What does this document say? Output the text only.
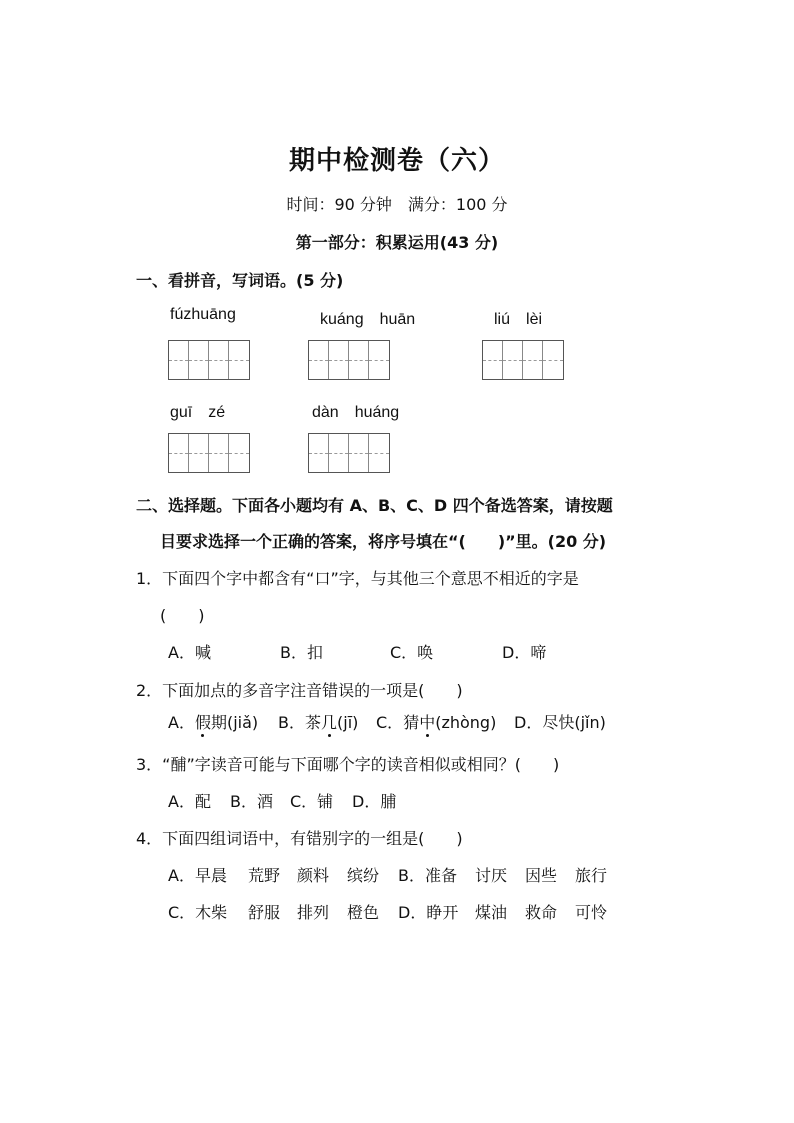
期中检测卷（六）
时间：90 分钟　满分：100 分
第一部分：积累运用(43 分)
一、看拼音，写词语。(5 分)
fúzhuāng	kuáng　huān	liú　lèi
guī　zé	dàn　huáng
二、选择题。下面各小题均有 A、B、C、D 四个备选答案，请按题
目要求选择一个正确的答案，将序号填在“(　　)”里。(20 分)
1．下面四个字中都含有“口”字，与其他三个意思不相近的字是
(　　)
A．喊	B．扣	C．唤	D．啼
2．下面加点的多音字注音错误的一项是(　　)
A．假期(jiǎ) B．茶几(jī) C．猜中(zhòng) D．尽快(jǐn)
3．“酺”字读音可能与下面哪个字的读音相似或相同？(　　)
A．配 B．酒 C．铺 D．脯
4．下面四组词语中，有错别字的一组是(　　)
A．早晨 荒野 颜料 缤纷 B．准备 讨厌 因些 旅行
C．木柴 舒服 排列 橙色 D．睁开 煤油 救命 可怜
